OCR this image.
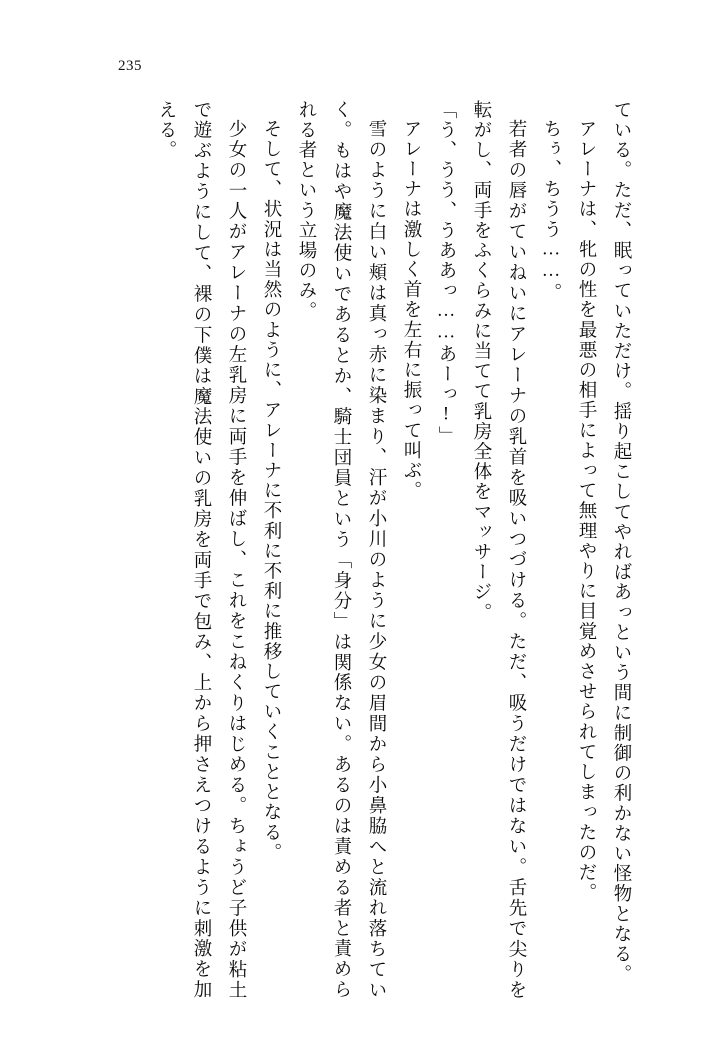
235

ている。ただ、眠っていただけ。揺り起こしてやればあっという間に制御の利かない怪物となる。

アレーナは、牝の性を最悪の相手によって無理やりに目覚めさせられてしまったのだ。

ちぅ、ちうう……。

若者の唇がていねいにアレーナの乳首を吸いつづける。ただ、吸うだけではない。舌先で尖りを転がし、両手をふくらみに当てて乳房全体をマッサージ。

「う、うう、うああっ……あーっ!」

アレーナは激しく首を左右に振って叫ぶ。

雪のように白い頬は真っ赤に染まり、汗が小川のように少女の眉間から小鼻脇へと流れ落ちていく。もはや魔法使いであるとか、騎士団員という「身分」は関係ない。あるのは責める者と責められる者という立場のみ。

そして、状況は当然のように、アレーナに不利に不利に推移していくこととなる。

少女の一人がアレーナの左乳房に両手を伸ばし、これをこねくりはじめる。ちょうど子供が粘土で遊ぶようにして、裸の下僕は魔法使いの乳房を両手で包み、上から押さえつけるように刺激を加える。
